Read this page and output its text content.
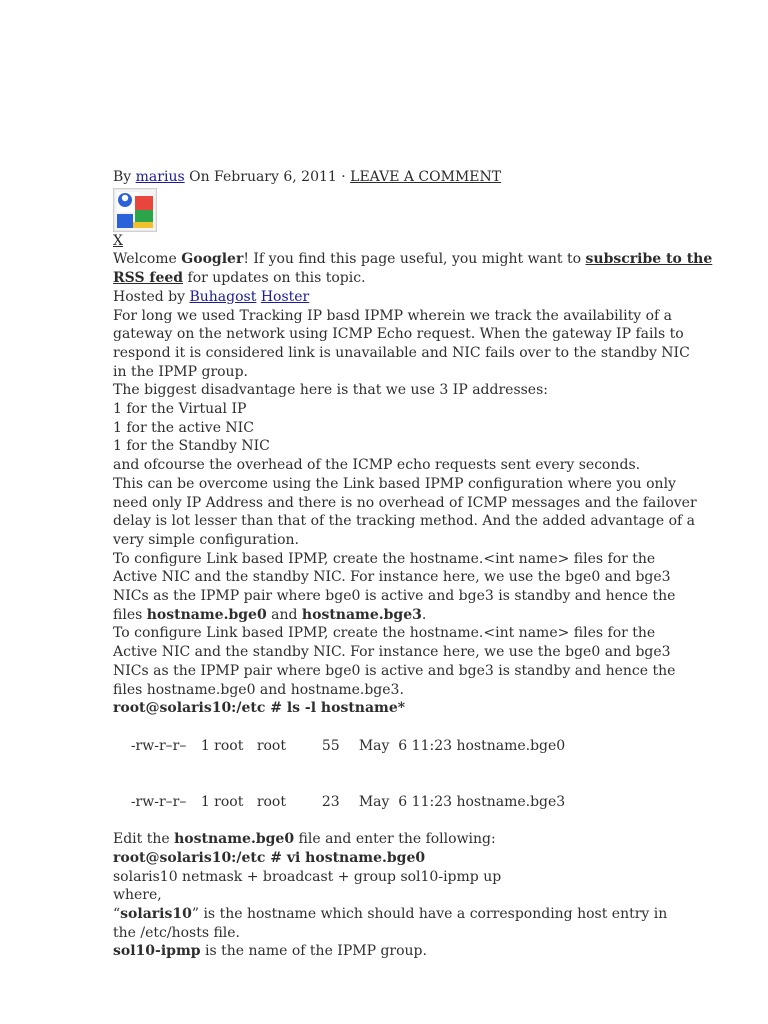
By marius On February 6, 2011 · LEAVE A COMMENT
X
Welcome Googler! If you find this page useful, you might want to subscribe to the
RSS feed for updates on this topic.
Hosted by Buhagost Hoster
For long we used Tracking IP basd IPMP wherein we track the availability of a
gateway on the network using ICMP Echo request. When the gateway IP fails to
respond it is considered link is unavailable and NIC fails over to the standby NIC
in the IPMP group.
The biggest disadvantage here is that we use 3 IP addresses:
1 for the Virtual IP
1 for the active NIC
1 for the Standby NIC
and ofcourse the overhead of the ICMP echo requests sent every seconds.
This can be overcome using the Link based IPMP configuration where you only
need only IP Address and there is no overhead of ICMP messages and the failover
delay is lot lesser than that of the tracking method. And the added advantage of a
very simple configuration.
To configure Link based IPMP, create the hostname.<int name> files for the
Active NIC and the standby NIC. For instance here, we use the bge0 and bge3
NICs as the IPMP pair where bge0 is active and bge3 is standby and hence the
files hostname.bge0 and hostname.bge3.
To configure Link based IPMP, create the hostname.<int name> files for the
Active NIC and the standby NIC. For instance here, we use the bge0 and bge3
NICs as the IPMP pair where bge0 is active and bge3 is standby and hence the
files hostname.bge0 and hostname.bge3.
root@solaris10:/etc # ls -l hostname*

-rw-r–r– 1 root root	55 May  6 11:23 hostname.bge0

-rw-r–r– 1 root root	23 May  6 11:23 hostname.bge3

Edit the hostname.bge0 file and enter the following:
root@solaris10:/etc # vi hostname.bge0
solaris10 netmask + broadcast + group sol10-ipmp up
where,
“solaris10” is the hostname which should have a corresponding host entry in
the /etc/hosts file.
sol10-ipmp is the name of the IPMP group.
